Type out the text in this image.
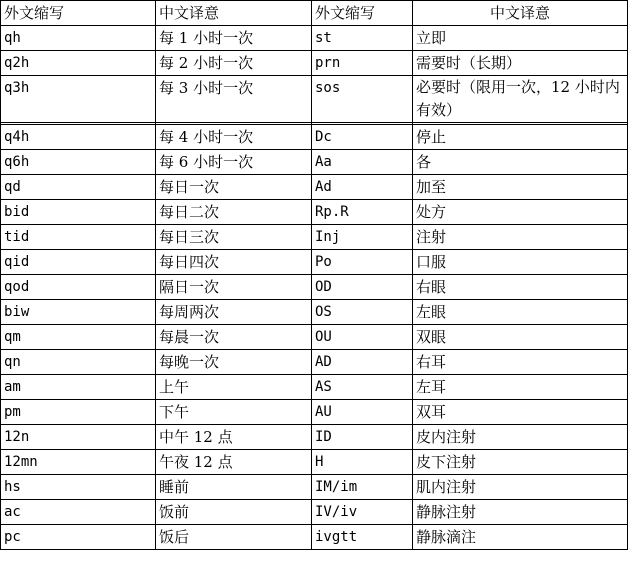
外文缩写	中文译意	外文缩写	中文译意
qh	每 1 小时一次	st	立即
q2h	每 2 小时一次	prn	需要时（长期）
q3h	每 3 小时一次	sos	必要时（限用一次，12 小时内有效）

q4h	每 4 小时一次	Dc	停止
q6h	每 6 小时一次	Aa	各
qd	每日一次	Ad	加至
bid	每日二次	Rp.R	处方
tid	每日三次	Inj	注射
qid	每日四次	Po	口服
qod	隔日一次	OD	右眼
biw	每周两次	OS	左眼
qm	每晨一次	OU	双眼
qn	每晚一次	AD	右耳
am	上午	AS	左耳
pm	下午	AU	双耳
12n	中午 12 点	ID	皮内注射
12mn	午夜 12 点	H	皮下注射
hs	睡前	IM/im	肌内注射
ac	饭前	IV/iv	静脉注射
pc	饭后	ivgtt	静脉滴注
